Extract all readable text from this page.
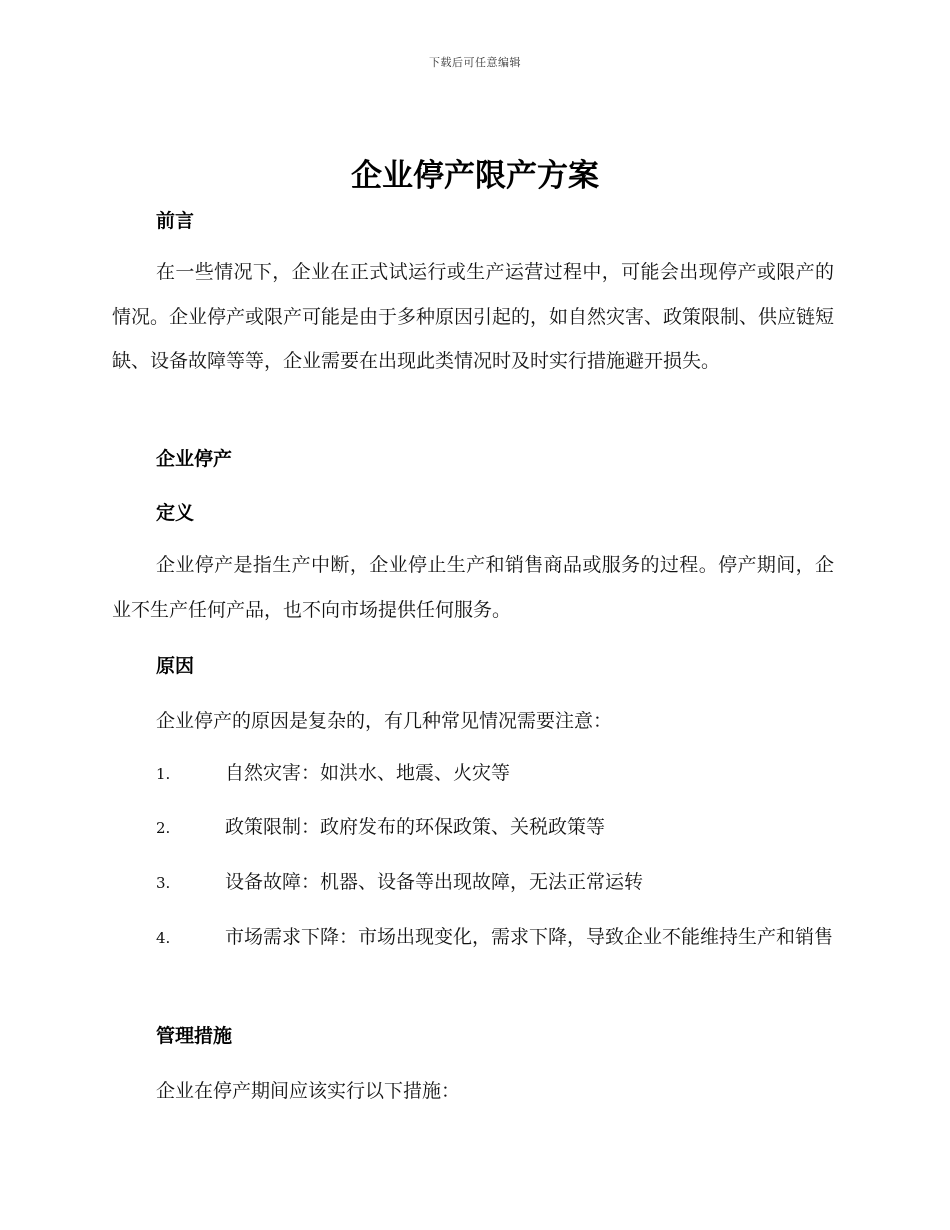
下载后可任意编辑
企业停产限产方案
前言
在一些情况下，企业在正式试运行或生产运营过程中，可能会出现停产或限产的情况。企业停产或限产可能是由于多种原因引起的，如自然灾害、政策限制、供应链短缺、设备故障等等，企业需要在出现此类情况时及时实行措施避开损失。
企业停产
定义
企业停产是指生产中断，企业停止生产和销售商品或服务的过程。停产期间，企业不生产任何产品，也不向市场提供任何服务。
原因
企业停产的原因是复杂的，有几种常见情况需要注意：
1.	自然灾害：如洪水、地震、火灾等
2.	政策限制：政府发布的环保政策、关税政策等
3.	设备故障：机器、设备等出现故障，无法正常运转
4.	市场需求下降：市场出现变化，需求下降，导致企业不能维持生产和销售
管理措施
企业在停产期间应该实行以下措施：
